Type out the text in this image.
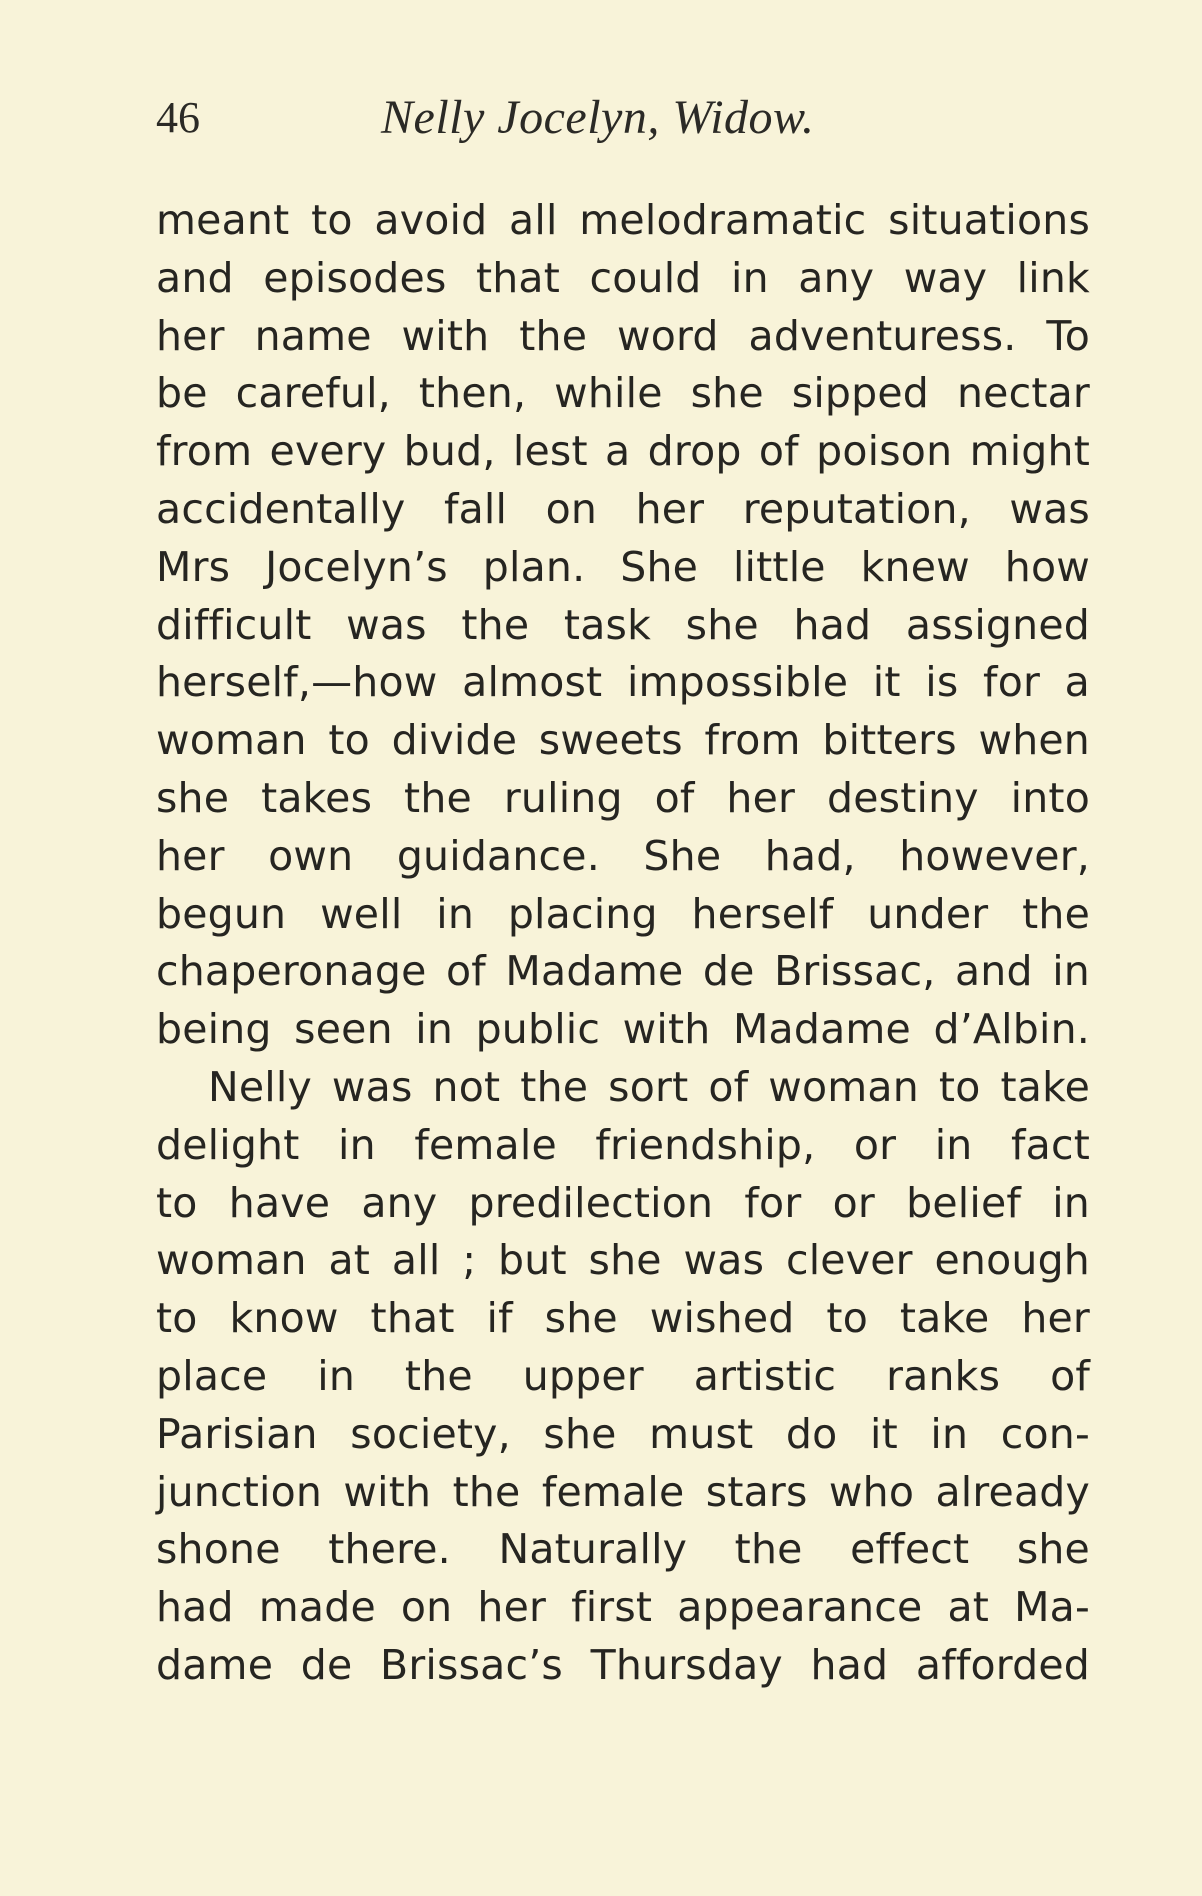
46	Nelly Jocelyn, Widow.
meant to avoid all melodramatic situations
and episodes that could in any way link
her name with the word adventuress. To
be careful, then, while she sipped nectar
from every bud, lest a drop of poison might
accidentally fall on her reputation, was
Mrs Jocelyn’s plan. She little knew how
difficult was the task she had assigned
herself,—how almost impossible it is for a
woman to divide sweets from bitters when
she takes the ruling of her destiny into
her own guidance. She had, however,
begun well in placing herself under the
chaperonage of Madame de Brissac, and in
being seen in public with Madame d’Albin.
Nelly was not the sort of woman to take
delight in female friendship, or in fact
to have any predilection for or belief in
woman at all ; but she was clever enough
to know that if she wished to take her
place in the upper artistic ranks of
Parisian society, she must do it in con-
junction with the female stars who already
shone there. Naturally the effect she
had made on her first appearance at Ma-
dame de Brissac’s Thursday had afforded
